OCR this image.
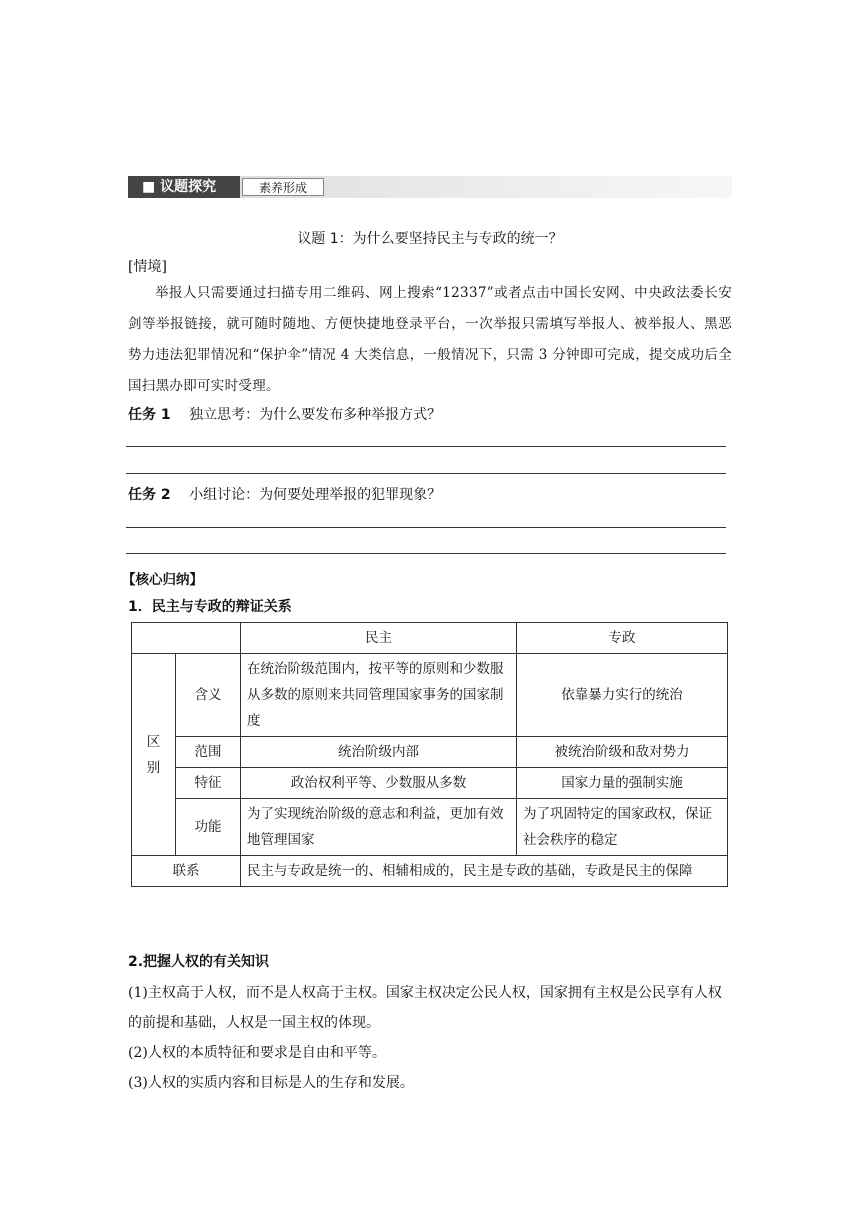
■ 议题探究	素养形成
议题 1：为什么要坚持民主与专政的统一？
[情境]
举报人只需要通过扫描专用二维码、网上搜索“12337”或者点击中国长安网、中央政法委长安剑等举报链接，就可随时随地、方便快捷地登录平台，一次举报只需填写举报人、被举报人、黑恶势力违法犯罪情况和“保护伞”情况 4 大类信息，一般情况下，只需 3 分钟即可完成，提交成功后全国扫黑办即可实时受理。
任务 1 独立思考：为什么要发布多种举报方式？
任务 2 小组讨论：为何要处理举报的犯罪现象？
【核心归纳】
1．民主与专政的辩证关系
		民主	专政
区别	含义	在统治阶级范围内，按平等的原则和少数服从多数的原则来共同管理国家事务的国家制度	依靠暴力实行的统治
	范围	统治阶级内部	被统治阶级和敌对势力
	特征	政治权利平等、少数服从多数	国家力量的强制实施
	功能	为了实现统治阶级的意志和利益，更加有效地管理国家	为了巩固特定的国家政权，保证社会秩序的稳定
联系		民主与专政是统一的、相辅相成的，民主是专政的基础，专政是民主的保障	
2.把握人权的有关知识
(1)主权高于人权，而不是人权高于主权。国家主权决定公民人权，国家拥有主权是公民享有人权的前提和基础，人权是一国主权的体现。
(2)人权的本质特征和要求是自由和平等。
(3)人权的实质内容和目标是人的生存和发展。
